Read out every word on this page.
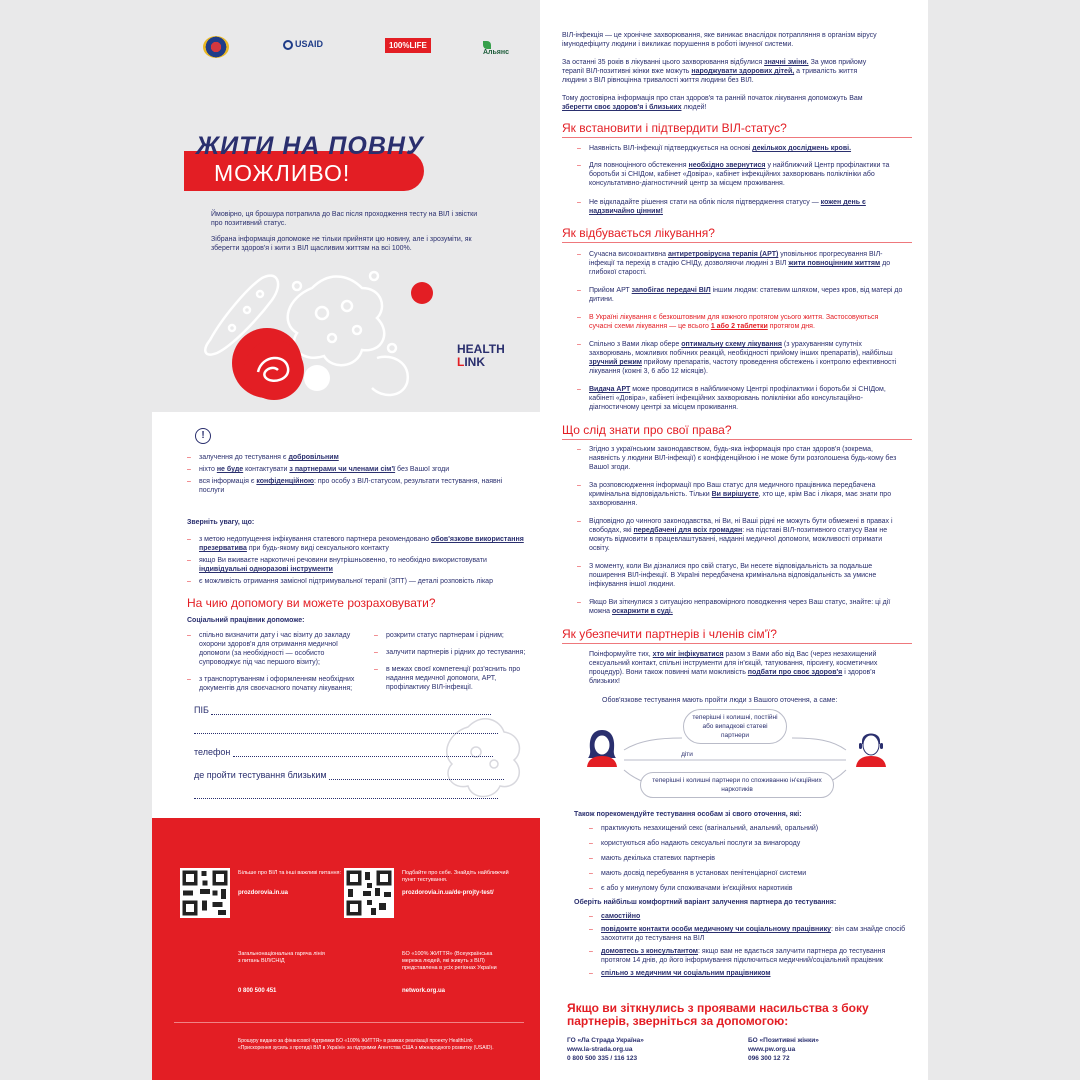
USAID	100%LIFE
Альянс
ЖИТИ НА ПОВНУ
МОЖЛИВО!
Ймовірно, ця брошура потрапила до Вас після проходження тесту на ВІЛ і звістки про позитивний статус.
Зібрана інформація допоможе не тільки прийняти цю новину, але і зрозуміти, як зберегти здоров'я і жити з ВІЛ щасливим життям на всі 100%.
HEALTH
LINK
!
– залучення до тестування є добровільним
– ніхто не буде контактувати з партнерами чи членами сім'ї без Вашої згоди
– вся інформація є конфіденційною: про особу з ВІЛ-статусом, результати тестування, наявні послуги
Зверніть увагу, що:
– з метою недопущення інфікування статевого партнера рекомендовано обов'язкове використання презерватива при будь-якому виді сексуального контакту
– якщо Ви вживаєте наркотичні речовини внутрішньовенно, то необхідно використовувати індивідуальні одноразові інструменти
– є можливість отримання замісної підтримувальної терапії (ЗПТ) — деталі розповість лікар
На чию допомогу ви можете розраховувати?
Соціальний працівник допоможе:
– спільно визначити дату і час візиту до закладу охорони здоров'я для отримання медичної допомоги (за необхідності — особисто супроводжує під час першого візиту);
– з транспортуванням і оформленням необхідних документів для своєчасного початку лікування;
– розкрити статус партнерам і рідним;
– залучити партнерів і рідних до тестування;
– в межах своєї компетенції роз'яснить про надання медичної допомоги, АРТ, профілактику ВІЛ-інфекції.
ПІБ
телефон
де пройти тестування близьким
Більше про ВІЛ та інші важливі питання:
prozdorovia.in.ua
Подбайте про себе. Знайдіть найближчий пункт тестування.
prozdorovia.in.ua/de-projty-test/
Загальнонаціональна гаряча лінія з питань ВІЛ/СНІД
0 800 500 451
БО «100% ЖИТТЯ» (Всеукраїнська мережа людей, які живуть з ВІЛ) представлена в усіх регіонах України
network.org.ua
Брошуру видано за фінансової підтримки БО «100% ЖИТТЯ» в рамках реалізації проекту HealthLink «Прискорення зусиль з протидії ВІЛ в Україні» за підтримки Агентства США з міжнародного розвитку (USAID).
ВІЛ-інфекція — це хронічне захворювання, яке виникає внаслідок потрапляння в організм вірусу імунодефіциту людини і викликає порушення в роботі імунної системи.
За останні 35 років в лікуванні цього захворювання відбулися значні зміни. За умов прийому терапії ВІЛ-позитивні жінки вже можуть народжувати здорових дітей, а тривалість життя людини з ВІЛ рівноцінна тривалості життя людини без ВІЛ.
Тому достовірна інформація про стан здоров'я та ранній початок лікування допоможуть Вам зберегти своє здоров'я і близьких людей!
Як встановити і підтвердити ВІЛ-статус?
– Наявність ВІЛ-інфекції підтверджується на основі декількох досліджень крові.
– Для повноцінного обстеження необхідно звернутися у найближчий Центр профілактики та боротьби зі СНІДом, кабінет «Довіра», кабінет інфекційних захворювань поліклініки або консультативно-діагностичний центр за місцем проживання.
– Не відкладайте рішення стати на облік після підтвердження статусу — кожен день є надзвичайно цінним!
Як відбувається лікування?
– Сучасна високоактивна антиретровірусна терапія (АРТ) уповільнює прогресування ВІЛ-інфекції та перехід в стадію СНІДу, дозволяючи людині з ВІЛ жити повноцінним життям до глибокої старості.
– Прийом АРТ запобігає передачі ВІЛ іншим людям: статевим шляхом, через кров, від матері до дитини.
– В Україні лікування є безкоштовним для кожного протягом усього життя. Застосовуються сучасні схеми лікування — це всього 1 або 2 таблетки протягом дня.
– Спільно з Вами лікар обере оптимальну схему лікування (з урахуванням супутніх захворювань, можливих побічних реакцій, необхідності прийому інших препаратів), найбільш зручний режим прийому препаратів, частоту проведення обстежень і контролю ефективності лікування (кожні 3, 6 або 12 місяців).
– Видача АРТ може проводитися в найближчому Центрі профілактики і боротьби зі СНІДом, кабінеті «Довіра», кабінеті інфекційних захворювань поліклініки або консультаційно-діагностичному центрі за місцем проживання.
Що слід знати про свої права?
– Згідно з українським законодавством, будь-яка інформація про стан здоров'я (зокрема, наявність у людини ВІЛ-інфекції) є конфіденційною і не може бути розголошена будь-кому без Вашої згоди.
– За розповсюдження інформації про Ваш статус для медичного працівника передбачена кримінальна відповідальність. Тільки Ви вирішуєте, хто ще, крім Вас і лікаря, має знати про захворювання.
– Відповідно до чинного законодавства, ні Ви, ні Ваші рідні не можуть бути обмежені в правах і свободах, які передбачені для всіх громадян: на підставі ВІЛ-позитивного статусу Вам не можуть відмовити в працевлаштуванні, наданні медичної допомоги, можливості отримати освіту.
– З моменту, коли Ви дізналися про свій статус, Ви несете відповідальність за подальше поширення ВІЛ-інфекції. В Україні передбачена кримінальна відповідальність за умисне інфікування іншої людини.
– Якщо Ви зіткнулися з ситуацією неправомірного поводження через Ваш статус, знайте: ці дії можна оскаржити в суді.
Як убезпечити партнерів і членів сім'ї?
Поінформуйте тих, хто міг інфікуватися разом з Вами або від Вас (через незахищений сексуальний контакт, спільні інструменти для ін'єкцій, татуювання, пірсингу, косметичних процедур). Вони також повинні мати можливість подбати про своє здоров'я і здоров'я близьких!
Обов'язкове тестування мають пройти люди з Вашого оточення, а саме:
теперішні і колишні, постійні або випадкові статеві партнери
діти
теперішні і колишні партнери по споживанню ін'єкційних наркотиків
Також порекомендуйте тестування особам зі свого оточення, які:
– практикують незахищений секс (вагінальний, анальний, оральний)
– користуються або надають сексуальні послуги за винагороду
– мають декілька статевих партнерів
– мають досвід перебування в установах пенітенціарної системи
– є або у минулому були споживачами ін'єкційних наркотиків
Оберіть найбільш комфортний варіант залучення партнера до тестування:
– самостійно
– повідомте контакти особи медичному чи соціальному працівнику: він сам знайде спосіб заохотити до тестування на ВІЛ
– домовтесь з консультантом: якщо вам не вдається залучити партнера до тестування протягом 14 днів, до його інформування підключиться медичний/соціальний працівник
– спільно з медичним чи соціальним працівником
Якщо ви зіткнулись з проявами насильства з боку партнерів, зверніться за допомогою:
ГО «Ла Страда Україна»
www.la-strada.org.ua
0 800 500 335 / 116 123
БО «Позитивні жінки»
www.pw.org.ua
096 300 12 72
